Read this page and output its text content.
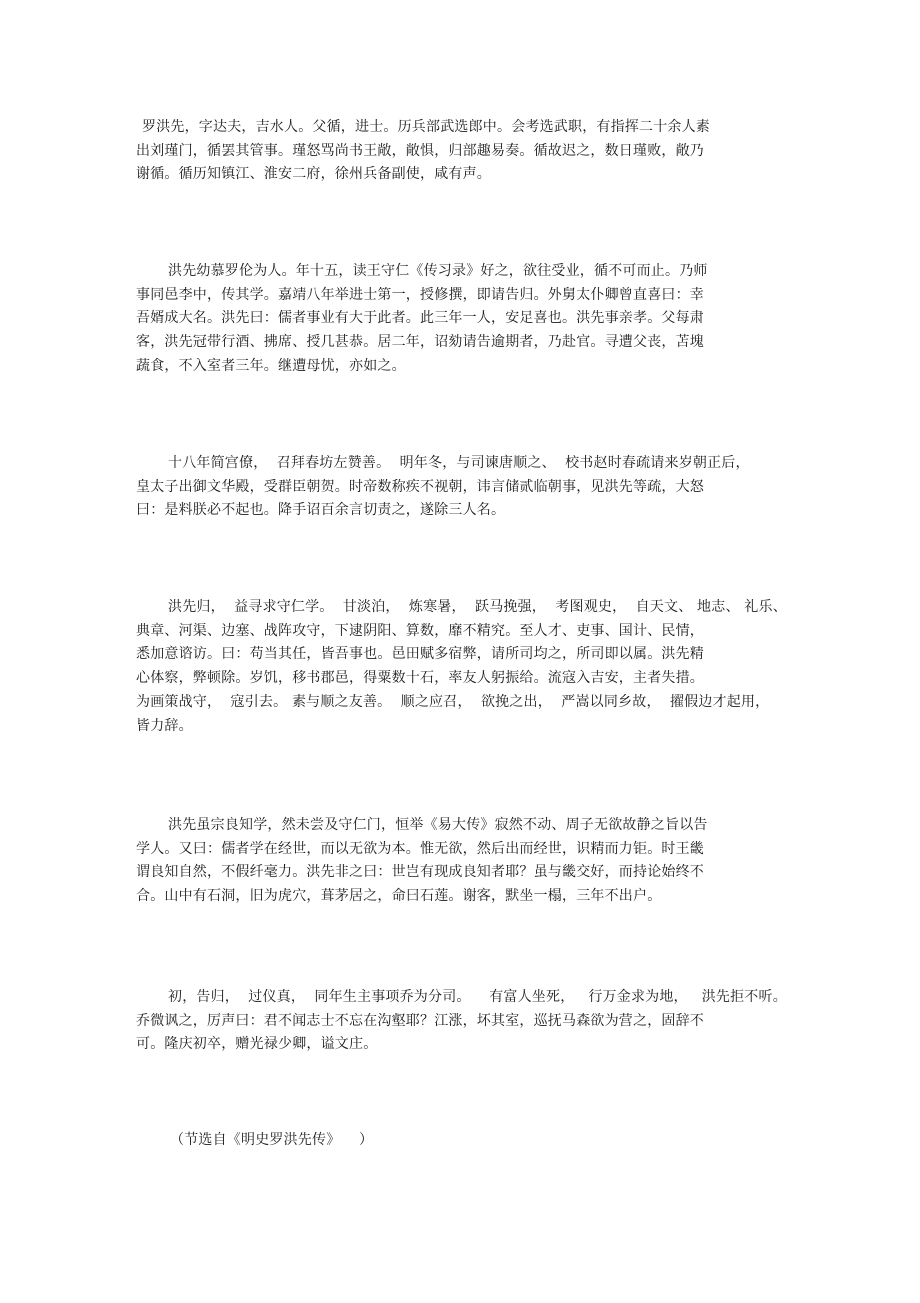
罗洪先，字达夫，吉水人。父循，进士。历兵部武选郎中。会考选武职，有指挥二十余人素
出刘瑾门，循罢其管事。瑾怒骂尚书王敞，敞惧，归部趣易奏。循故迟之，数日瑾败，敞乃
谢循。循历知镇江、淮安二府，徐州兵备副使，咸有声。
洪先幼慕罗伦为人。年十五，读王守仁《传习录》好之，欲往受业，循不可而止。乃师
事同邑李中，传其学。嘉靖八年举进士第一，授修撰，即请告归。外舅太仆卿曾直喜曰：幸
吾婿成大名。洪先曰：儒者事业有大于此者。此三年一人，安足喜也。洪先事亲孝。父每肃
客，洪先冠带行酒、拂席、授几甚恭。居二年，诏劾请告逾期者，乃赴官。寻遭父丧，苫塊
蔬食，不入室者三年。继遭母忧，亦如之。
十八年简宫僚，  召拜春坊左赞善。  明年冬，与司谏唐顺之、  校书赵时春疏请来岁朝正后，
皇太子出御文华殿，受群臣朝贺。时帝数称疾不视朝，讳言储贰临朝事，见洪先等疏，大怒
曰：是料朕必不起也。降手诏百余言切责之，遂除三人名。
洪先归，  益寻求守仁学。  甘淡泊，  炼寒暑，  跃马挽强，  考图观史，  自天文、 地志、 礼乐、
典章、河渠、边塞、战阵攻守，下逮阴阳、算数，靡不精究。至人才、吏事、国计、民情，
悉加意谘访。曰：苟当其任，皆吾事也。邑田赋多宿弊，请所司均之，所司即以属。洪先精
心体察，弊顿除。岁饥，移书郡邑，得粟数十石，率友人躬振给。流寇入吉安，主者失措。
为画策战守，  寇引去。 素与顺之友善。  顺之应召，  欲挽之出，  严嵩以同乡故，  擢假边才起用，
皆力辞。
洪先虽宗良知学，然未尝及守仁门，恒举《易大传》寂然不动、周子无欲故静之旨以告
学人。又曰：儒者学在经世，而以无欲为本。惟无欲，然后出而经世，识精而力钜。时王畿
谓良知自然，不假纤毫力。洪先非之曰：世岂有现成良知者耶？虽与畿交好，而持论始终不
合。山中有石洞，旧为虎穴，葺茅居之，命曰石莲。谢客，默坐一榻，三年不出户。
初，告归，  过仪真，  同年生主事项乔为分司。    有富人坐死，   行万金求为地，   洪先拒不听。
乔微讽之，厉声曰：君不闻志士不忘在沟壑耶？江涨，坏其室，巡抚马森欲为营之，固辞不
可。隆庆初卒，赠光禄少卿，谥文庄。
（节选自《明史罗洪先传》    ）
